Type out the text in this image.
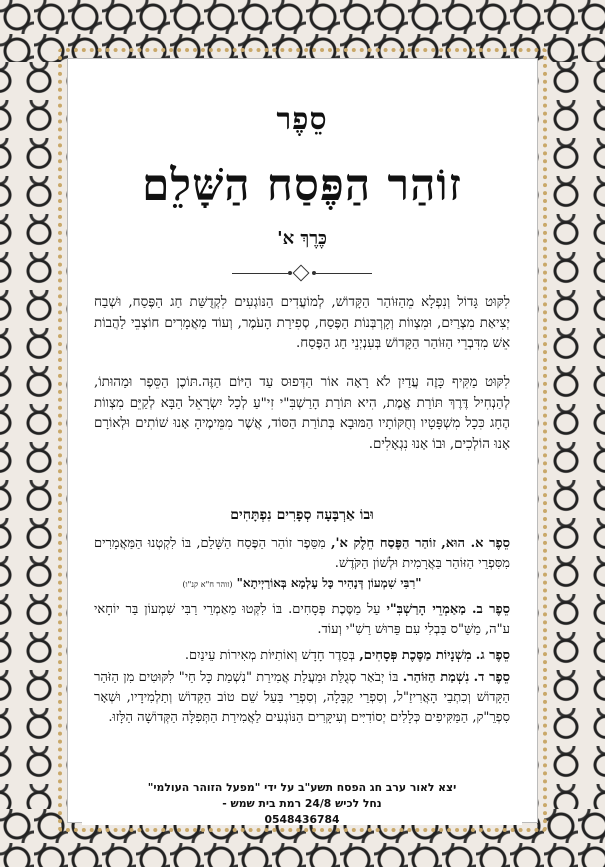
סֵפֶר
זוֹהַר הַפֶּסַח הַשָּׁלֵם
כֶּרֶךְ א'
לִקּוּט גָּדוֹל וְנִפְלָא מֵהַזּוֹהַר הַקָּדוֹשׁ, לְמוֹעֲדִים הַנּוֹגְעִים לִקְדֻשַּׁת חַג הַפֶּסַח, וּשְׁבַח יְצִיאַת מִצְרַיִם, וּמִצְווֹת וְקָרְבְּנוֹת הַפֶּסַח, סְפִירַת הָעֹמֶר, וְעוֹד מַאֲמָרִים חוֹצְבֵי לַהֲבוֹת אֵשׁ מִדִּבְרֵי הַזּוֹהַר הַקָּדוֹשׁ בְּעִנְיְנֵי חַג הַפֶּסַח.
לִקּוּט מַקִּיף כָּזֶה עֲדַיִן לֹא רָאָה אוֹר הַדְּפוּס עַד הַיּוֹם הַזֶּה.תּוֹכֶן הַסֵּפֶר וּמַהוּתוֹ, לְהַנְחִיל דֶּרֶךְ תּוֹרַת אֱמֶת, הִיא תּוֹרַת הָרַשְׁבִּ"י זִי"עַ לְכָל יִשְׂרָאֵל הַבָּא לְקַיֵּם מִצְווֹת הֶחָג כִּכָל מִשְׁפָּטָיו וְחֻקּוֹתָיו הַמּוּבָא בְּתוֹרַת הַסּוֹד, אֲשֶׁר מִמֵּימֶיהָ אָנוּ שׁוֹתִים וּלְאוֹרָם אָנוּ הוֹלְכִים, וּבוֹ אָנוּ נִגְאָלִים.
וּבוֹ אַרְבָּעָה סְפָרִים נִפְתָּחִים
סֵפֶר א. הוּא, זוֹהַר הַפֶּסַח חֵלֶק א', מִסֵּפֶר זוֹהַר הַפֶּסַח הַשָּׁלֵם, בּוֹ לִקְטְנוּ הַמַּאֲמָרִים מִסִּפְרֵי הַזּוֹהַר בַּאֲרָמִית וּלְשׁוֹן הַקֹּדֶשׁ.
"רִבִּי שִׁמְעוֹן דְּנָהִיר כָּל עָלְמָא בְּאוֹרַיְיתָא" (זוהר ח"א קנ"ו)
סֵפֶר ב. מַאַמְרֵי הָרַשְׁבִּ"י עַל מַסֶּכֶת פְּסָחִים. בּוֹ לִקְּטוּ מַאַמְרֵי רַבִּי שִׁמְעוֹן בַּר יוֹחָאי ע"ה, מַשַּׁ"ס בַּבְלִי עִם פֵּרוּשׁ רַשִׁ"י וְעוֹד.
סֵפֶר ג. מִשְׁנָיוֹת מַסֶּכֶת פְּסָחִים, בְּסֵדֶר חָדָשׁ וְאוֹתִיּוֹת מְאִירוֹת עֵינַיִם.
סֵפֶר ד. נִשְׁמַת הַזּוֹהַר. בּוֹ יְבֹאַר סְגֻלַּת וּמַעֲלַת אֲמִירַת "נִשְׁמַת כָּל חַי" לִקּוּטִים מִן הַזֹּהַר הַקָּדוֹשׁ וְכִתְבֵי הָאֲרִיזַ"ל, וְסִפְרֵי קַבָּלָה, וְסִפְרֵי בַּעַל שֵׁם טוֹב הַקָּדוֹשׁ וְתַלְמִידָיו, וּשְׁאָר סִפְרֵ"ק, הַמַּקִּיפִים כְּלָלִים יְסוֹדִיִּים וְעִיקָּרִים הַנּוֹגְעִים לַאֲמִירַת הַתְּפִלָּה הַקְּדוֹשָׁה הַלָּזוּ.
יצא לאור ערב חג הפסח תשע"ב על ידי "מפעל הזוהר העולמי"
נחל לכיש 24/8 רמת בית שמש -
0548436784
